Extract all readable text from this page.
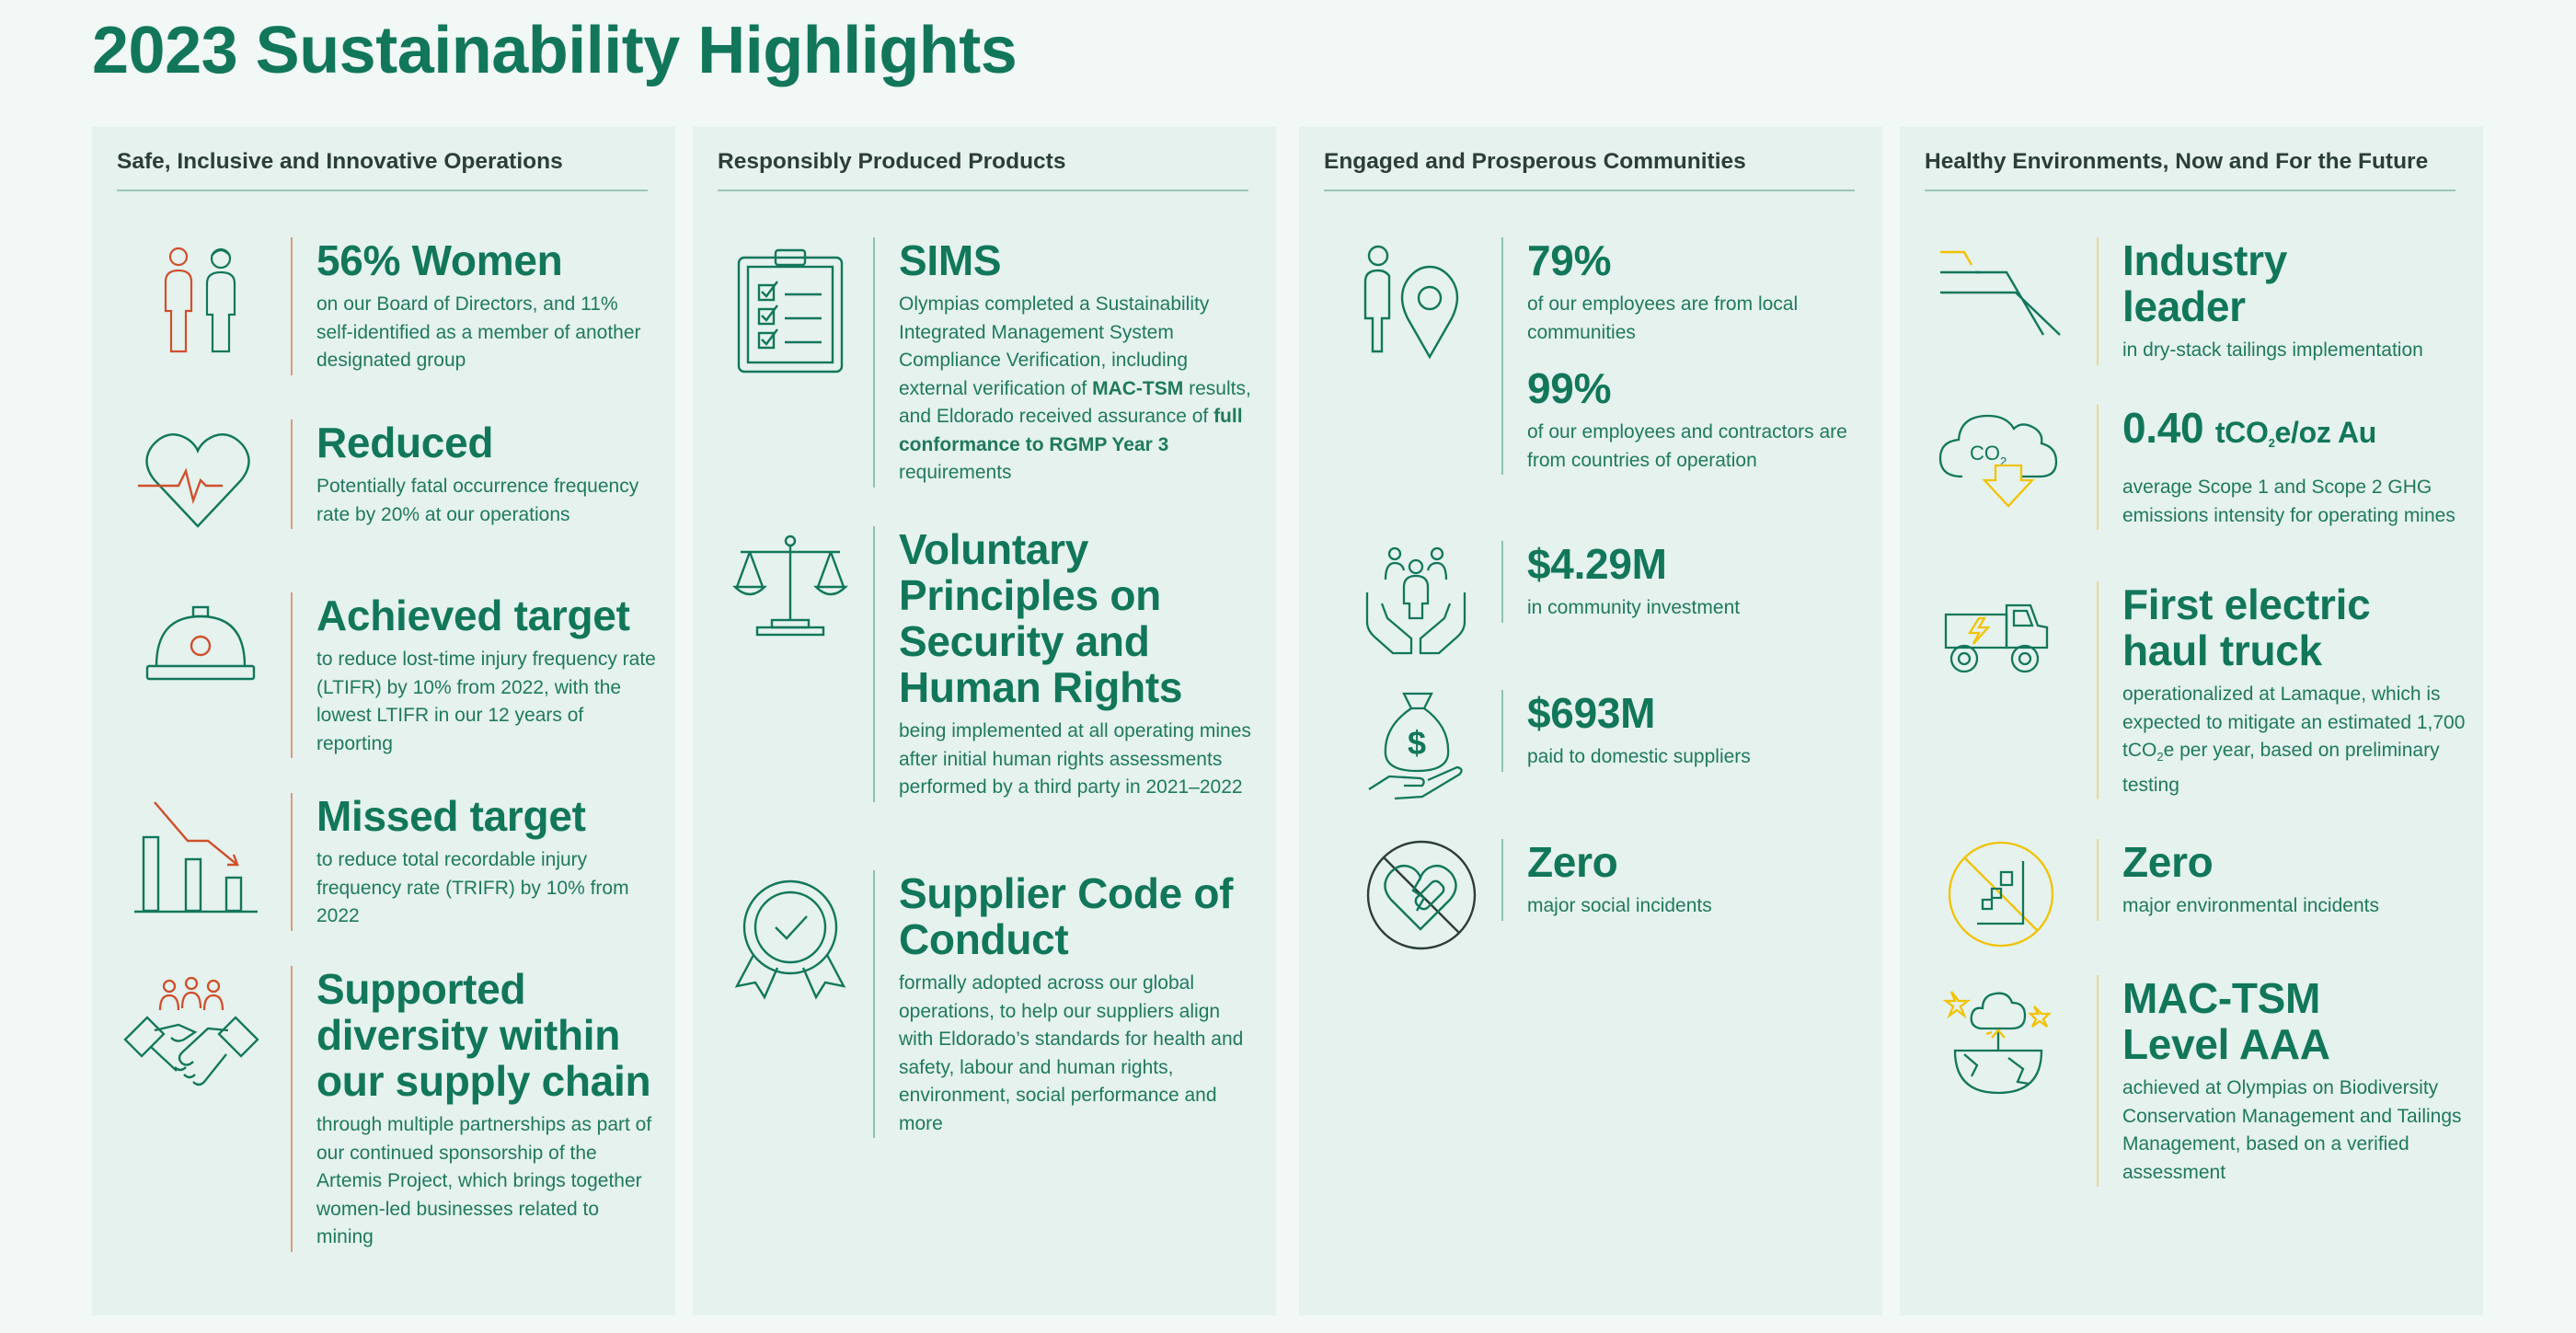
2023 Sustainability Highlights
Safe, Inclusive and Innovative Operations
56% Women
on our Board of Directors, and 11% self-identified as a member of another designated group
Reduced
Potentially fatal occurrence frequency rate by 20% at our operations
Achieved target
to reduce lost-time injury frequency rate (LTIFR) by 10% from 2022, with the lowest LTIFR in our 12 years of reporting
Missed target
to reduce total recordable injury frequency rate (TRIFR) by 10% from 2022
Supported diversity within our supply chain
through multiple partnerships as part of our continued sponsorship of the Artemis Project, which brings together women-led businesses related to mining
Responsibly Produced Products
SIMS
Olympias completed a Sustainability Integrated Management System Compliance Verification, including external verification of MAC-TSM results, and Eldorado received assurance of full conformance to RGMP Year 3 requirements
Voluntary Principles on Security and Human Rights
being implemented at all operating mines after initial human rights assessments performed by a third party in 2021–2022
Supplier Code of Conduct
formally adopted across our global operations, to help our suppliers align with Eldorado’s standards for health and safety, labour and human rights, environment, social performance and more
Engaged and Prosperous Communities
79%
of our employees are from local communities
99%
of our employees and contractors are from countries of operation
$4.29M
in community investment
$
$693M
paid to domestic suppliers
Zero
major social incidents
Healthy Environments, Now and For the Future
Industry leader
in dry-stack tailings implementation
$CO_2$
0.40 tCO$_2$e/oz Au
average Scope 1 and Scope 2 GHG emissions intensity for operating mines
First electric haul truck
operationalized at Lamaque, which is expected to mitigate an estimated 1,700 tCO$_2$e per year, based on preliminary testing
Zero
major environmental incidents
MAC-TSM Level AAA
achieved at Olympias on Biodiversity Conservation Management and Tailings Management, based on a verified assessment
